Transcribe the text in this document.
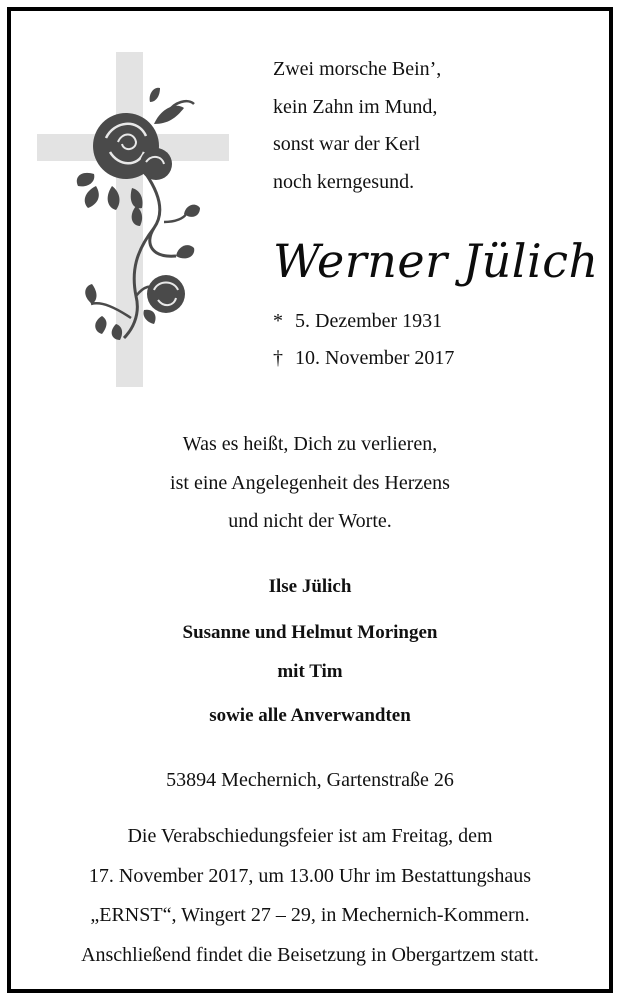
Zwei morsche Bein’,
kein Zahn im Mund,
sonst war der Kerl
noch kerngesund.
Werner Jülich
* 5. Dezember 1931
† 10. November 2017
Was es heißt, Dich zu verlieren,
ist eine Angelegenheit des Herzens
und nicht der Worte.
Ilse Jülich
Susanne und Helmut Moringen
mit Tim
sowie alle Anverwandten
53894 Mechernich, Gartenstraße 26
Die Verabschiedungsfeier ist am Freitag, dem
17. November 2017, um 13.00 Uhr im Bestattungshaus
„ERNST“, Wingert 27 – 29, in Mechernich-Kommern.
Anschließend findet die Beisetzung in Obergartzem statt.
